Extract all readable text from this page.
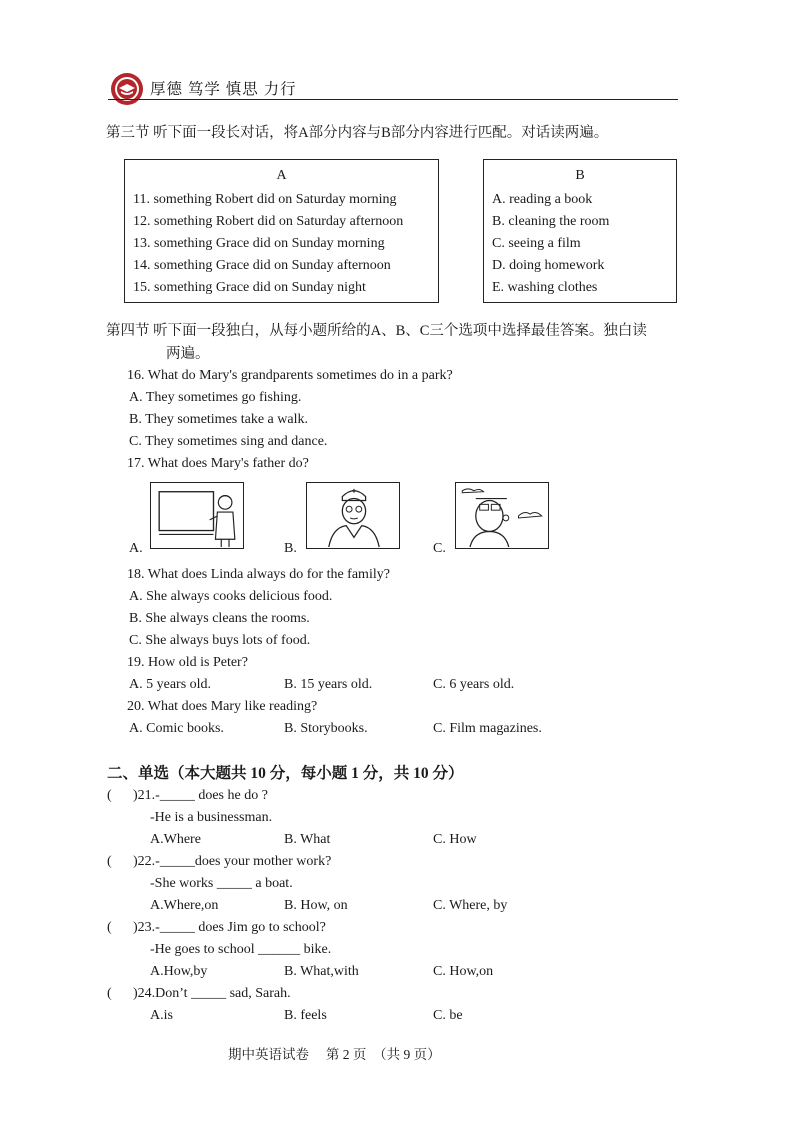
厚德 笃学 慎思 力行
第三节 听下面一段长对话，将A部分内容与B部分内容进行匹配。对话读两遍。
A
11. something Robert did on Saturday morning
12. something Robert did on Saturday afternoon
13. something Grace did on Sunday morning
14. something Grace did on Sunday afternoon
15. something Grace did on Sunday night
B
A. reading a book
B. cleaning the room
C. seeing a film
D. doing homework
E. washing clothes
第四节 听下面一段独白，从每小题所给的A、B、C三个选项中选择最佳答案。独白读
两遍。
16. What do Mary's grandparents sometimes do in a park?
A. They sometimes go fishing.
B. They sometimes take a walk.
C. They sometimes sing and dance.
17. What does Mary's father do?
A.	B.	C.
18. What does Linda always do for the family?
A. She always cooks delicious food.
B. She always cleans the rooms.
C. She always buys lots of food.
19. How old is Peter?
A. 5 years old.	B. 15 years old.	C. 6 years old.
20. What does Mary like reading?
A. Comic books.	B. Storybooks.	C. Film magazines.
二、单选（本大题共 10 分，每小题 1 分，共 10 分）
( )21.-_____ does he do ?
-He is a businessman.
A.Where	B. What	C. How
( )22.-_____does your mother work?
-She works _____ a boat.
A.Where,on	B. How, on	C. Where, by
( )23.-_____ does Jim go to school?
-He goes to school ______ bike.
A.How,by	B. What,with	C. How,on
( )24.Don’t _____ sad, Sarah.
A.is	B. feels	C. be
期中英语试卷     第 2 页  （共 9 页）
